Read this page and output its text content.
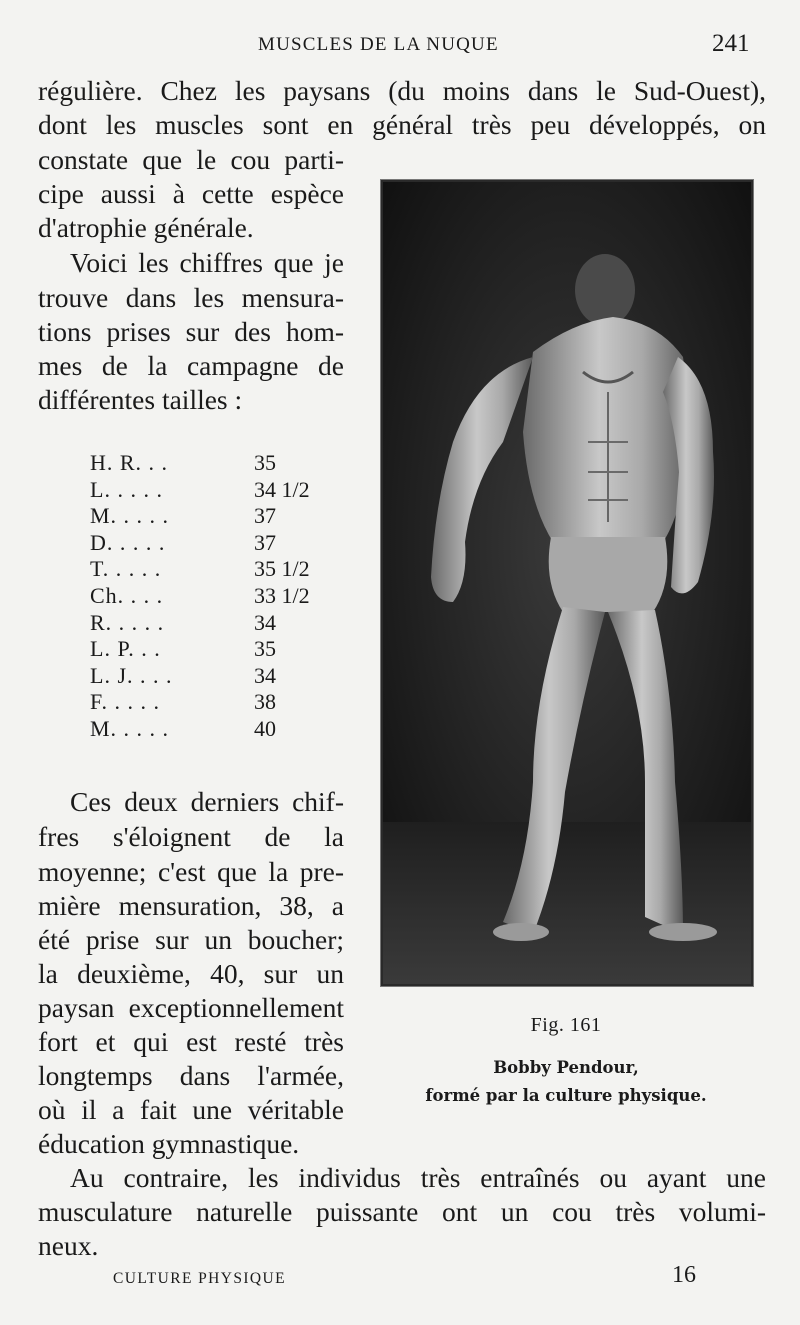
MUSCLES DE LA NUQUE	241
régulière. Chez les paysans (du moins dans le Sud-Ouest),
dont les muscles sont en général très peu développés, on
constate que le cou parti-
cipe aussi à cette espèce
d'atrophie générale.
Voici les chiffres que je
trouve dans les mensura-
tions prises sur des hom-
mes de la campagne de
différentes tailles :
H. R. . .	35
L. . . . .	34 1/2
M. . . . .	37
D. . . . .	37
T. . . . .	35 1/2
Ch. . . .	33 1/2
R. . . . .	34
L. P. . .	35
L. J. . . .	34
F. . . . .	38
M. . . . .	40
Ces deux derniers chif-
fres s'éloignent de la
moyenne; c'est que la pre-
mière mensuration, 38, a
été prise sur un boucher;
la deuxième, 40, sur un
paysan exceptionnellement
fort et qui est resté très
longtemps dans l'armée,
où il a fait une véritable
éducation gymnastique.
Au contraire, les individus très entraînés ou ayant une
musculature naturelle puissante ont un cou très volumi-
neux.
Fig. 161
Bobby Pendour,
formé par la culture physique.
CULTURE PHYSIQUE	16
